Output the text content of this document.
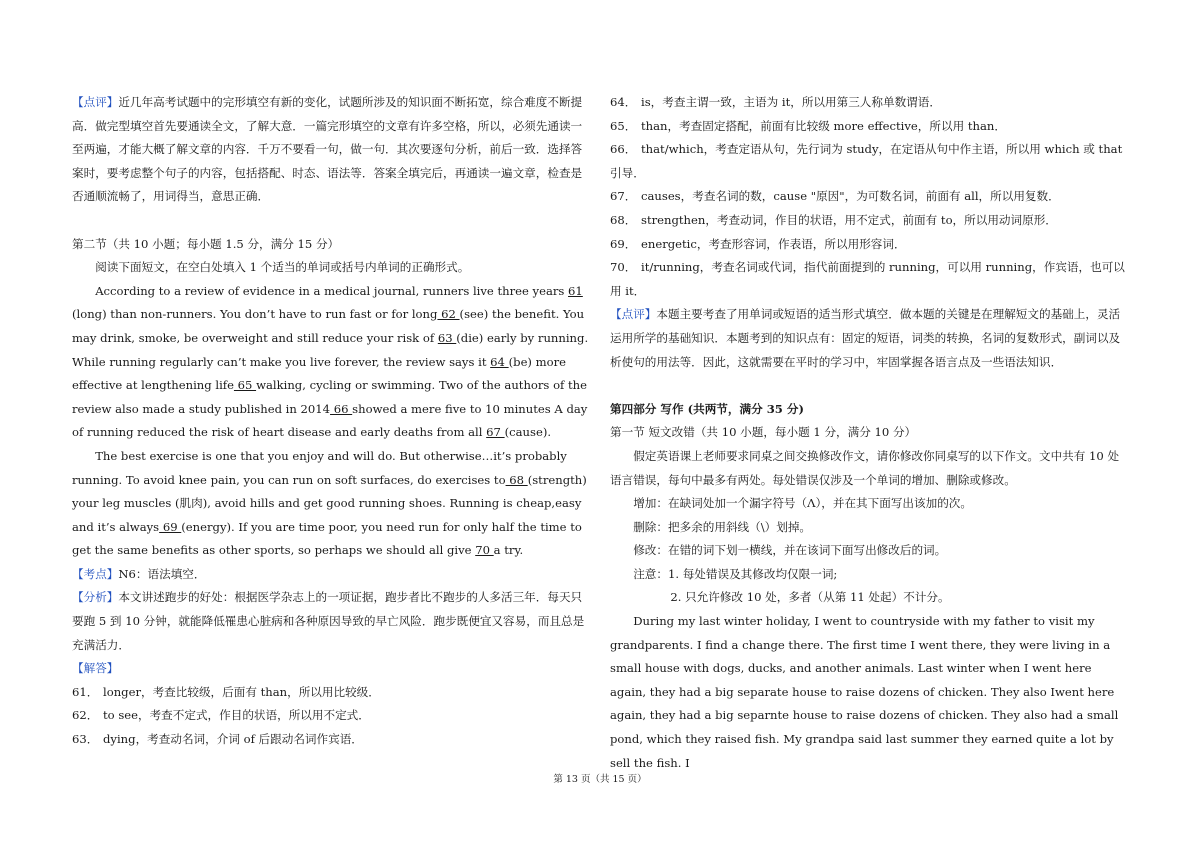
【点评】近几年高考试题中的完形填空有新的变化，试题所涉及的知识面不断拓宽，综合难度不断提高．做完型填空首先要通读全文，了解大意．一篇完形填空的文章有许多空格，所以，必须先通读一至两遍，才能大概了解文章的内容．千万不要看一句，做一句．其次要逐句分析，前后一致．选择答案时，要考虑整个句子的内容，包括搭配、时态、语法等．答案全填完后，再通读一遍文章，检查是否通顺流畅了，用词得当，意思正确．

第二节（共 10 小题；每小题 1.5 分，满分 15 分）

阅读下面短文，在空白处填入 1 个适当的单词或括号内单词的正确形式。

According to a review of evidence in a medical journal, runners live three years 61 (long) than non-runners. You don’t have to run fast or for long 62 (see) the benefit. You may drink, smoke, be overweight and still reduce your risk of 63 (die) early by running. While running regularly can’t make you live forever, the review says it 64 (be) more effective at lengthening life 65 walking, cycling or swimming. Two of the authors of the review also made a study published in 2014 66 showed a mere five to 10 minutes A day of running reduced the risk of heart disease and early deaths from all 67 (cause).

The best exercise is one that you enjoy and will do. But otherwise…it’s probably running. To avoid knee pain, you can run on soft surfaces, do exercises to 68 (strength) your leg muscles (肌肉), avoid hills and get good running shoes. Running is cheap,easy and it’s always 69 (energy). If you are time poor, you need run for only half the time to get the same benefits as other sports, so perhaps we should all give 70 a try.

【考点】N6：语法填空．

【分析】本文讲述跑步的好处：根据医学杂志上的一项证据，跑步者比不跑步的人多活三年．每天只要跑 5 到 10 分钟，就能降低罹患心脏病和各种原因导致的早亡风险．跑步既便宜又容易，而且总是充满活力．

【解答】

61． longer，考查比较级，后面有 than，所以用比较级．

62． to see，考查不定式，作目的状语，所以用不定式．

63． dying，考查动名词，介词 of 后跟动名词作宾语．

64． is，考查主谓一致，主语为 it，所以用第三人称单数谓语．

65． than，考查固定搭配，前面有比较级 more effective，所以用 than．

66． that/which，考查定语从句，先行词为 study，在定语从句中作主语，所以用 which 或 that 引导．

67． causes，考查名词的数，cause "原因"，为可数名词，前面有 all，所以用复数．

68． strengthen，考查动词，作目的状语，用不定式，前面有 to，所以用动词原形．

69． energetic，考查形容词，作表语，所以用形容词．

70． it/running，考查名词或代词，指代前面提到的 running，可以用 running，作宾语，也可以用 it．

【点评】本题主要考查了用单词或短语的适当形式填空．做本题的关键是在理解短文的基础上，灵活运用所学的基础知识．本题考到的知识点有：固定的短语，词类的转换，名词的复数形式，副词以及析使句的用法等．因此，这就需要在平时的学习中，牢固掌握各语言点及一些语法知识．

第四部分 写作 (共两节，满分 35 分)

第一节 短文改错（共 10 小题，每小题 1 分，满分 10 分）

假定英语课上老师要求同桌之间交换修改作文，请你修改你同桌写的以下作文。文中共有 10 处语言错误，每句中最多有两处。每处错误仅涉及一个单词的增加、删除或修改。

增加：在缺词处加一个漏字符号（Λ），并在其下面写出该加的次。

删除：把多余的用斜线（\）划掉。

修改：在错的词下划一横线，并在该词下面写出修改后的词。

注意：1. 每处错误及其修改均仅限一词;

2. 只允许修改 10 处，多者（从第 11 处起）不计分。

During my last winter holiday, I went to countryside with my father to visit my grandparents. I find a change there. The first time I went there, they were living in a small house with dogs, ducks, and another animals. Last winter when I went here again, they had a big separate house to raise dozens of chicken. They also Iwent here again, they had a big separnte house to raise dozens of chicken. They also had a small pond, which they raised fish. My grandpa said last summer they earned quite a lot by sell the fish. I

第 13 页（共 15 页）
